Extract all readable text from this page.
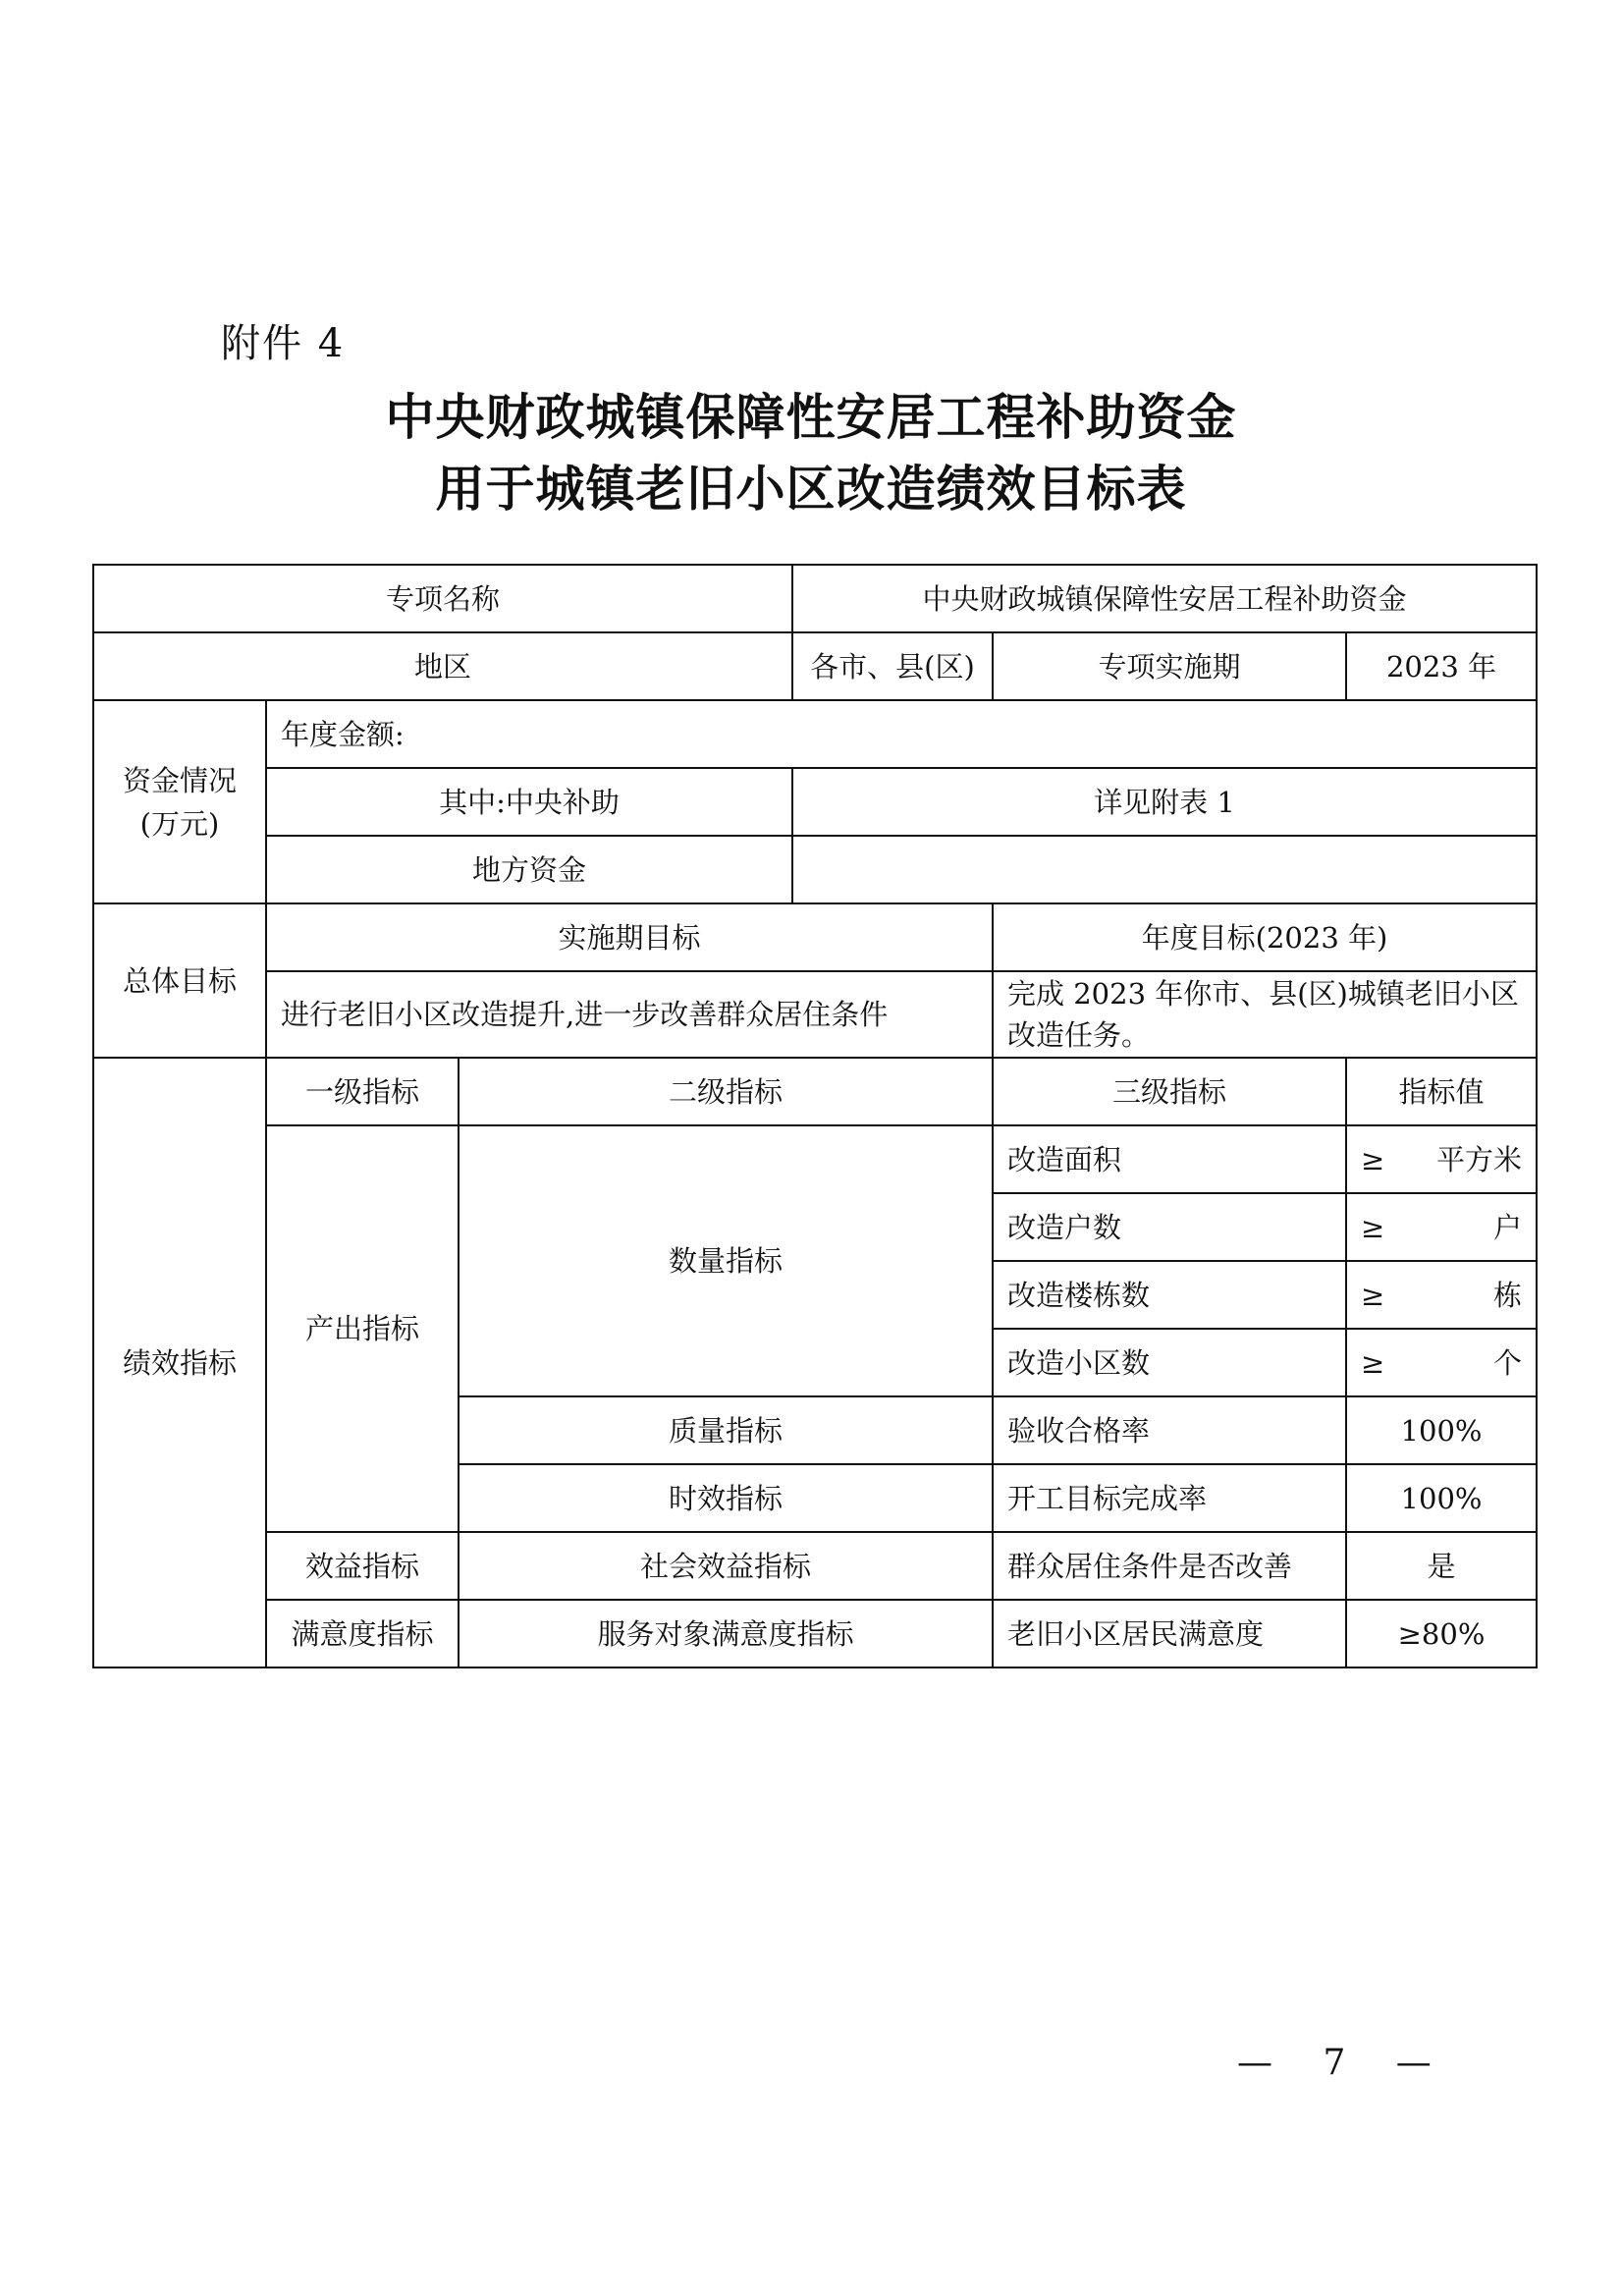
附件 4
中央财政城镇保障性安居工程补助资金
用于城镇老旧小区改造绩效目标表
专项名称			中央财政城镇保障性安居工程补助资金		
地区			各市、县(区)	专项实施期	2023 年
资金情况
(万元)	年度金额:				
	其中:中央补助		详见附表 1		
	地方资金				
总体目标	实施期目标			年度目标(2023 年)	
	进行老旧小区改造提升,进一步改善群众居住条件			完成 2023 年你市、县(区)城镇老旧小区改造任务。	
绩效指标	一级指标	二级指标		三级指标	指标值
	产出指标	数量指标		改造面积	≥ 平方米

				改造户数	≥ 户

				改造楼栋数	≥ 栋

				改造小区数	≥ 个

		质量指标		验收合格率	100%
		时效指标		开工目标完成率	100%
	效益指标	社会效益指标		群众居住条件是否改善	是
	满意度指标	服务对象满意度指标		老旧小区居民满意度	≥80%
— 7 —
